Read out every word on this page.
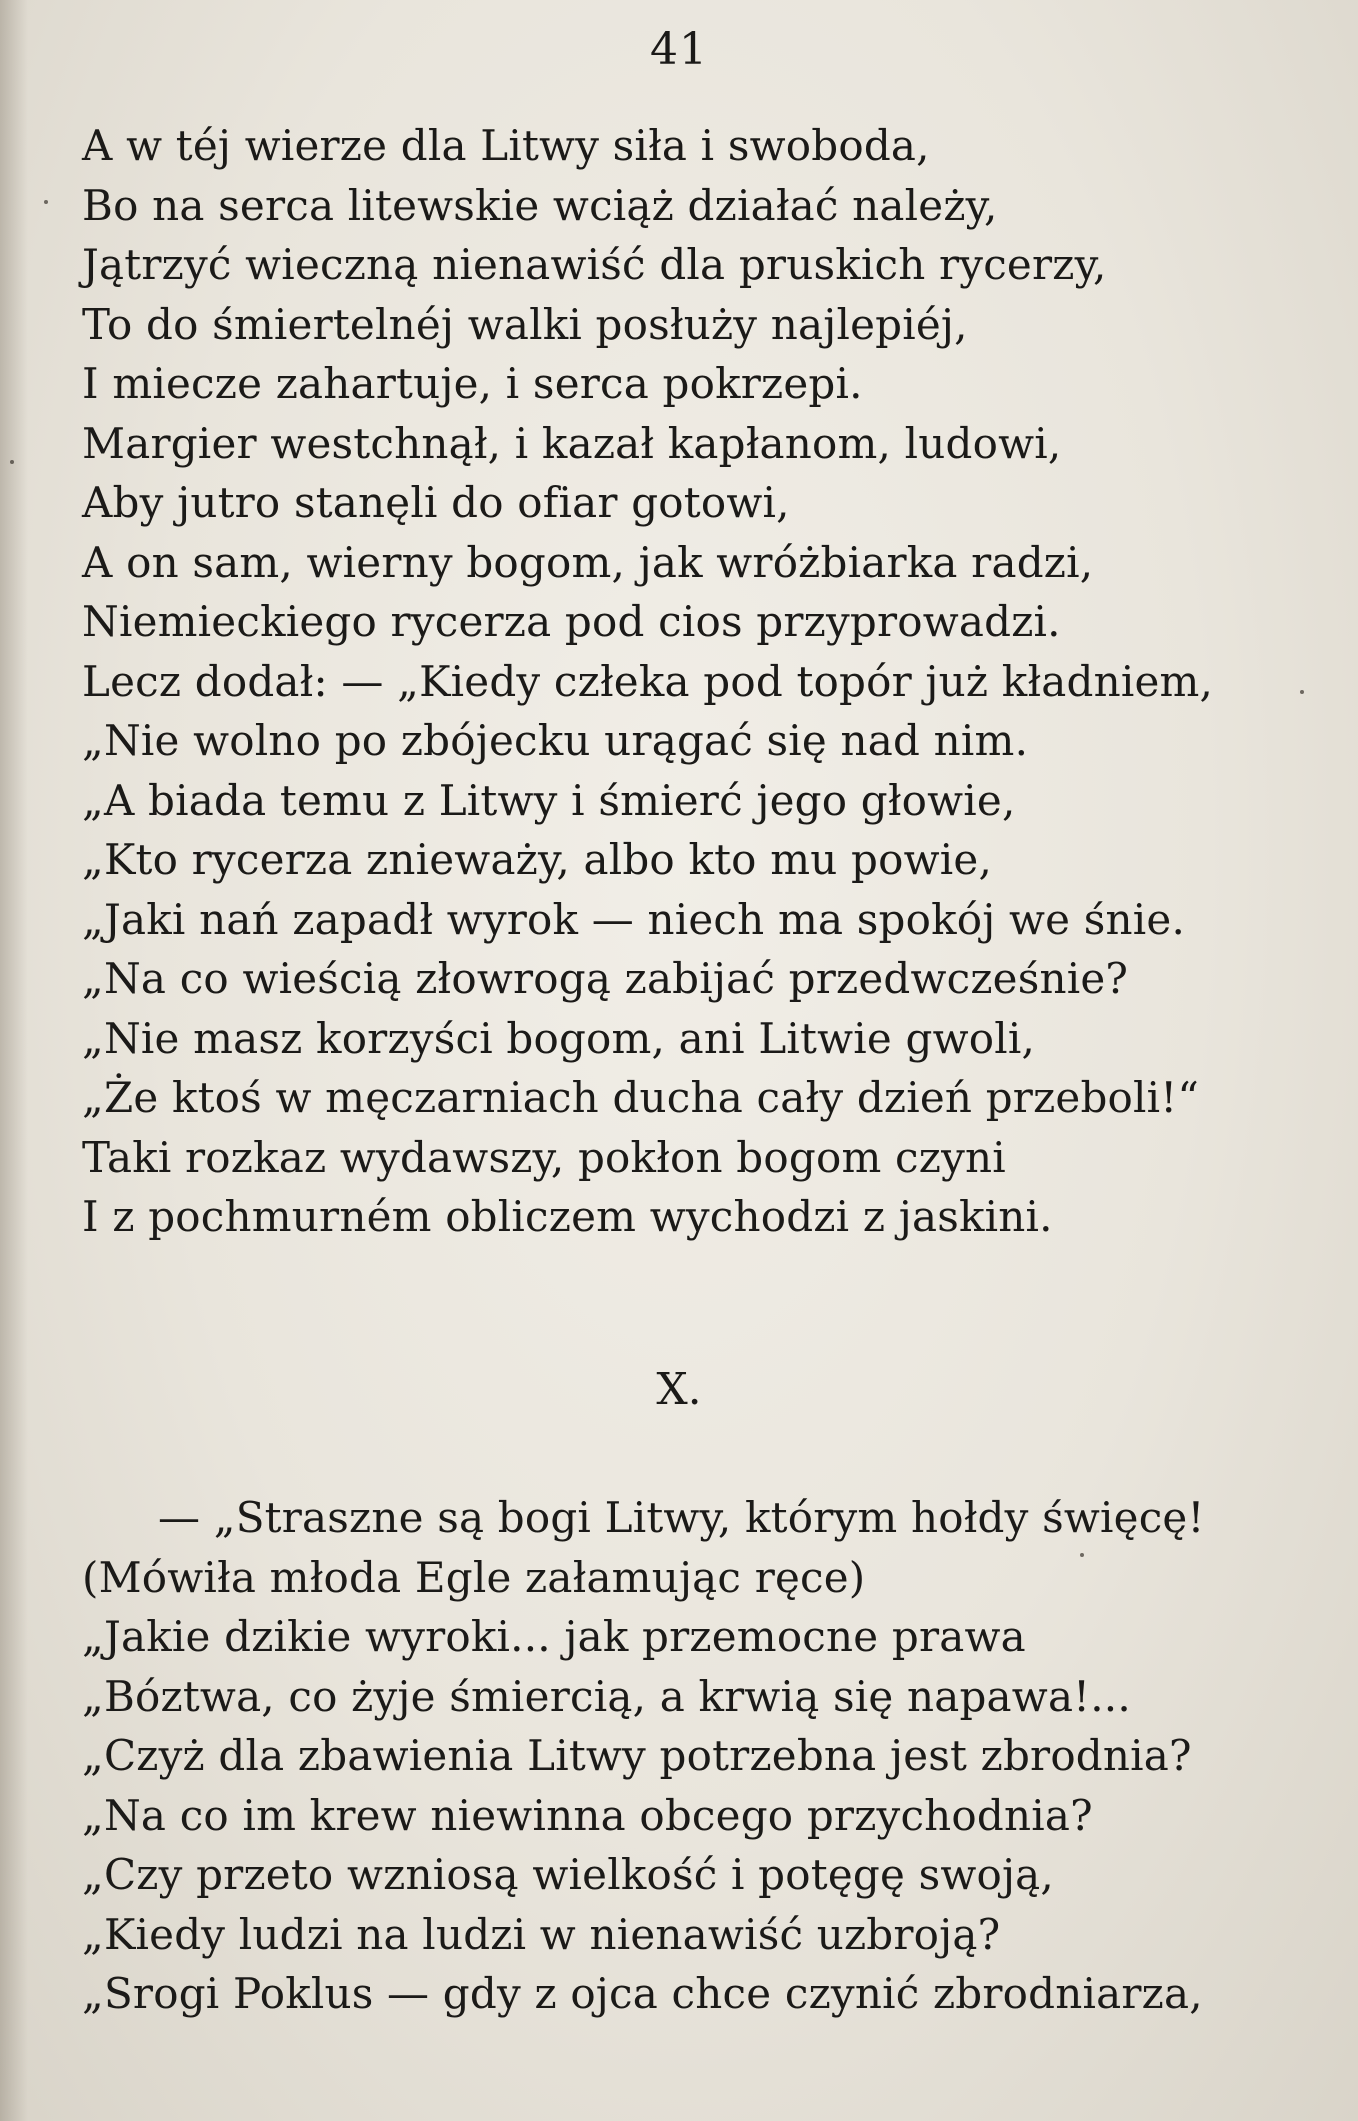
41
A w téj wierze dla Litwy siła i swoboda,
Bo na serca litewskie wciąż działać należy,
Jątrzyć wieczną nienawiść dla pruskich rycerzy,
To do śmiertelnéj walki posłuży najlepiéj,
I miecze zahartuje, i serca pokrzepi.
Margier westchnął, i kazał kapłanom, ludowi,
Aby jutro stanęli do ofiar gotowi,
A on sam, wierny bogom, jak wróżbiarka radzi,
Niemieckiego rycerza pod cios przyprowadzi.
Lecz dodał: — „Kiedy człeka pod topór już kładniem,
„Nie wolno po zbójecku urągać się nad nim.
„A biada temu z Litwy i śmierć jego głowie,
„Kto rycerza znieważy, albo kto mu powie,
„Jaki nań zapadł wyrok — niech ma spokój we śnie.
„Na co wieścią złowrogą zabijać przedwcześnie?
„Nie masz korzyści bogom, ani Litwie gwoli,
„Że ktoś w męczarniach ducha cały dzień przeboli!“
Taki rozkaz wydawszy, pokłon bogom czyni
I z pochmurném obliczem wychodzi z jaskini.
X.
— „Straszne są bogi Litwy, którym hołdy święcę!
(Mówiła młoda Egle załamując ręce)
„Jakie dzikie wyroki... jak przemocne prawa
„Bóztwa, co żyje śmiercią, a krwią się napawa!...
„Czyż dla zbawienia Litwy potrzebna jest zbrodnia?
„Na co im krew niewinna obcego przychodnia?
„Czy przeto wzniosą wielkość i potęgę swoją,
„Kiedy ludzi na ludzi w nienawiść uzbroją?
„Srogi Poklus — gdy z ojca chce czynić zbrodniarza,
